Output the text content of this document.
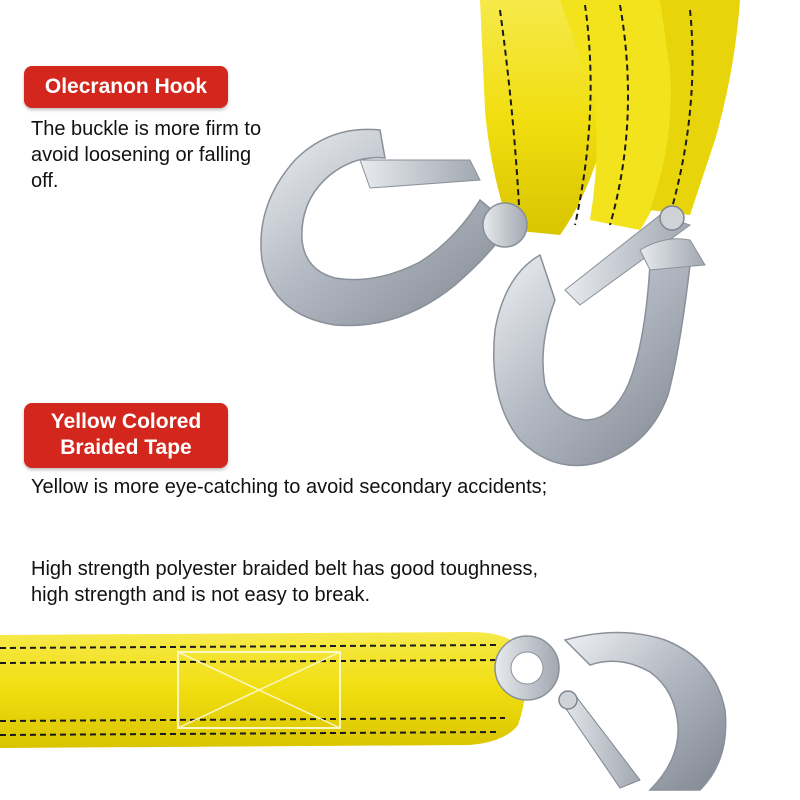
Olecranon Hook

The buckle is more firm to avoid loosening or falling off.

Yellow Colored
Braided Tape

Yellow is more eye-catching to avoid secondary accidents;

High strength polyester braided belt has good toughness, high strength and is not easy to break.
